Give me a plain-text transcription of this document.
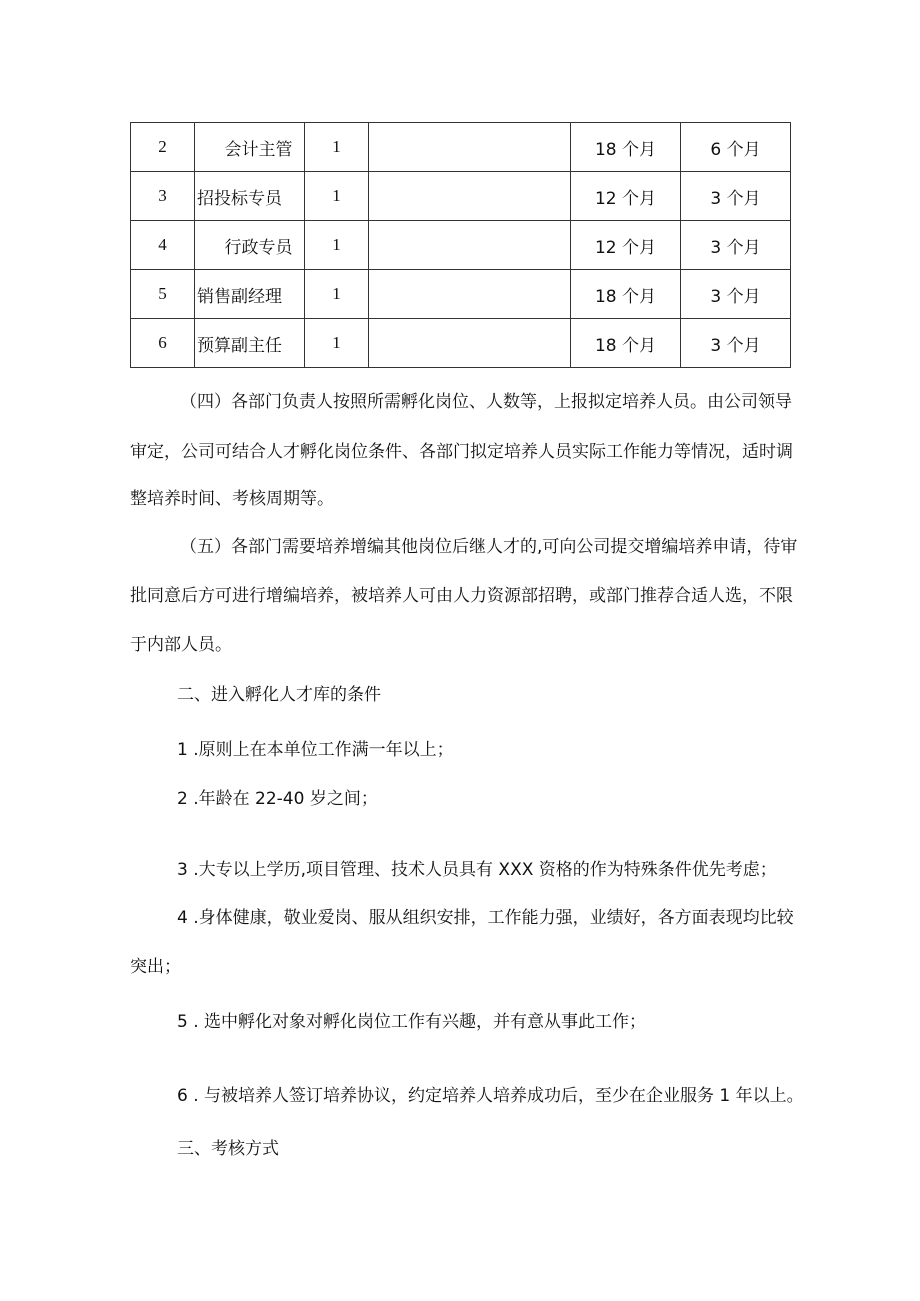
2	会计主管	1		18 个月	6 个月
3	招投标专员	1		12 个月	3 个月
4	行政专员	1		12 个月	3 个月
5	销售副经理	1		18 个月	3 个月
6	预算副主任	1		18 个月	3 个月
（四）各部门负责人按照所需孵化岗位、人数等，上报拟定培养人员。由公司领导
审定，公司可结合人才孵化岗位条件、各部门拟定培养人员实际工作能力等情况，适时调
整培养时间、考核周期等。
（五）各部门需要培养增编其他岗位后继人才的,可向公司提交增编培养申请，待审
批同意后方可进行增编培养，被培养人可由人力资源部招聘，或部门推荐合适人选，不限
于内部人员。
二、进入孵化人才库的条件
1 .原则上在本单位工作满一年以上；
2 .年龄在 22-40 岁之间；
3 .大专以上学历,项目管理、技术人员具有 XXX 资格的作为特殊条件优先考虑；
4 .身体健康，敬业爱岗、服从组织安排，工作能力强，业绩好，各方面表现均比较
突出；
5 . 选中孵化对象对孵化岗位工作有兴趣，并有意从事此工作；
6 . 与被培养人签订培养协议，约定培养人培养成功后，至少在企业服务 1 年以上。
三、考核方式
